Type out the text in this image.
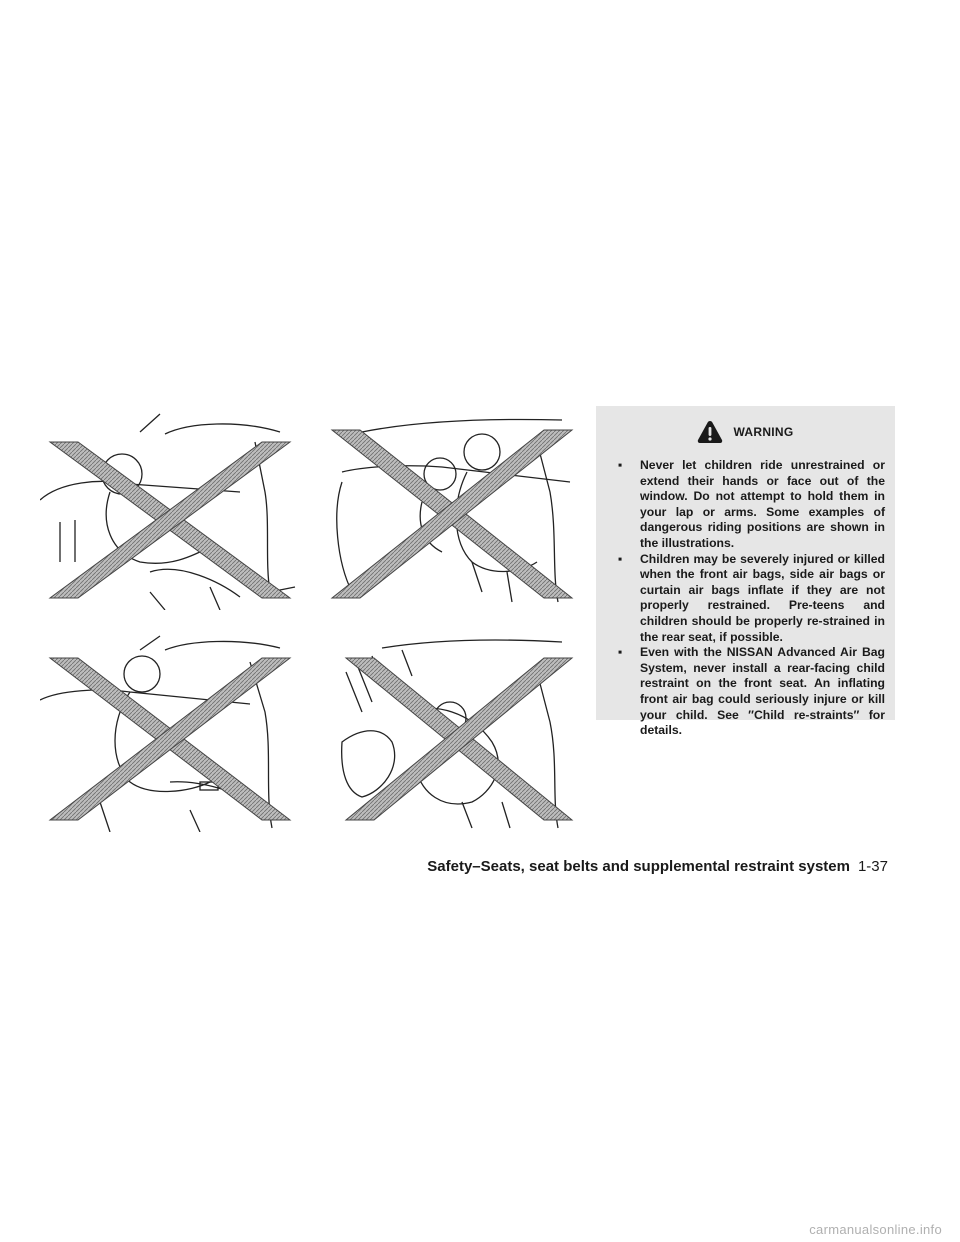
WARNING
▪ Never let children ride unrestrained or extend their hands or face out of the window. Do not attempt to hold them in your lap or arms. Some examples of dangerous riding positions are shown in the illustrations.
▪ Children may be severely injured or killed when the front air bags, side air bags or curtain air bags inflate if they are not properly restrained. Pre-teens and children should be properly re-strained in the rear seat, if possible.
▪ Even with the NISSAN Advanced Air Bag System, never install a rear-facing child restraint on the front seat. An inflating front air bag could seriously injure or kill your child. See ″Child re-straints″ for details.
Safety–Seats, seat belts and supplemental restraint system 1-37
carmanualsonline.info
